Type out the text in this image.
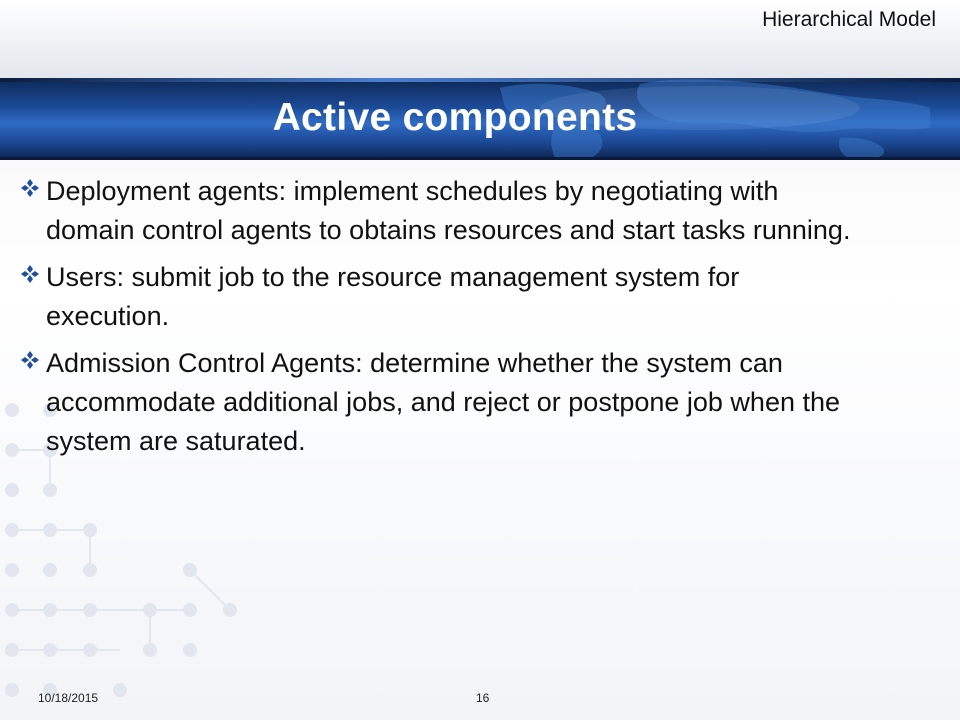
Hierarchical Model
Active components
Deployment agents: implement schedules by negotiating with domain control agents to obtains resources and start tasks running.
Users: submit job to the resource management system for execution.
Admission Control Agents: determine whether the system can accommodate additional jobs, and reject or postpone job when the system are saturated.
10/18/2015	16
